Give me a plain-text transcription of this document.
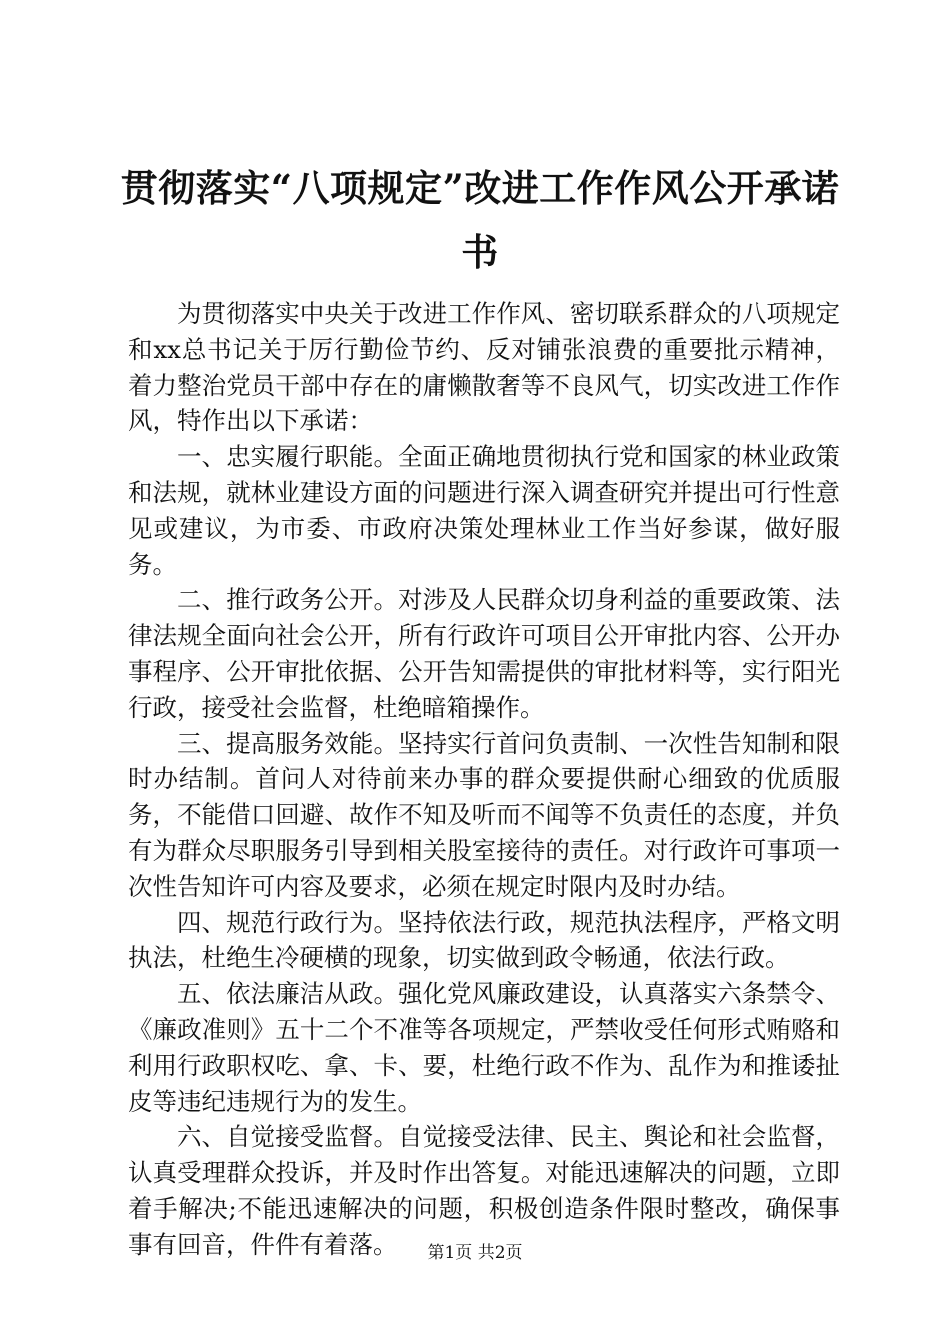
贯彻落实“八项规定”改进工作作风公开承诺书

为贯彻落实中央关于改进工作作风、密切联系群众的八项规定和xx总书记关于厉行勤俭节约、反对铺张浪费的重要批示精神，着力整治党员干部中存在的庸懒散奢等不良风气，切实改进工作作风，特作出以下承诺：

一、忠实履行职能。全面正确地贯彻执行党和国家的林业政策和法规，就林业建设方面的问题进行深入调查研究并提出可行性意见或建议，为市委、市政府决策处理林业工作当好参谋，做好服务。

二、推行政务公开。对涉及人民群众切身利益的重要政策、法律法规全面向社会公开，所有行政许可项目公开审批内容、公开办事程序、公开审批依据、公开告知需提供的审批材料等，实行阳光行政，接受社会监督，杜绝暗箱操作。

三、提高服务效能。坚持实行首问负责制、一次性告知制和限时办结制。首问人对待前来办事的群众要提供耐心细致的优质服务，不能借口回避、故作不知及听而不闻等不负责任的态度，并负有为群众尽职服务引导到相关股室接待的责任。对行政许可事项一次性告知许可内容及要求，必须在规定时限内及时办结。

四、规范行政行为。坚持依法行政，规范执法程序，严格文明执法，杜绝生冷硬横的现象，切实做到政令畅通，依法行政。

五、依法廉洁从政。强化党风廉政建设，认真落实六条禁令、《廉政准则》五十二个不准等各项规定，严禁收受任何形式贿赂和利用行政职权吃、拿、卡、要，杜绝行政不作为、乱作为和推诿扯皮等违纪违规行为的发生。

六、自觉接受监督。自觉接受法律、民主、舆论和社会监督，认真受理群众投诉，并及时作出答复。对能迅速解决的问题，立即着手解决;不能迅速解决的问题，积极创造条件限时整改，确保事事有回音，件件有着落。	第1页 共2页
